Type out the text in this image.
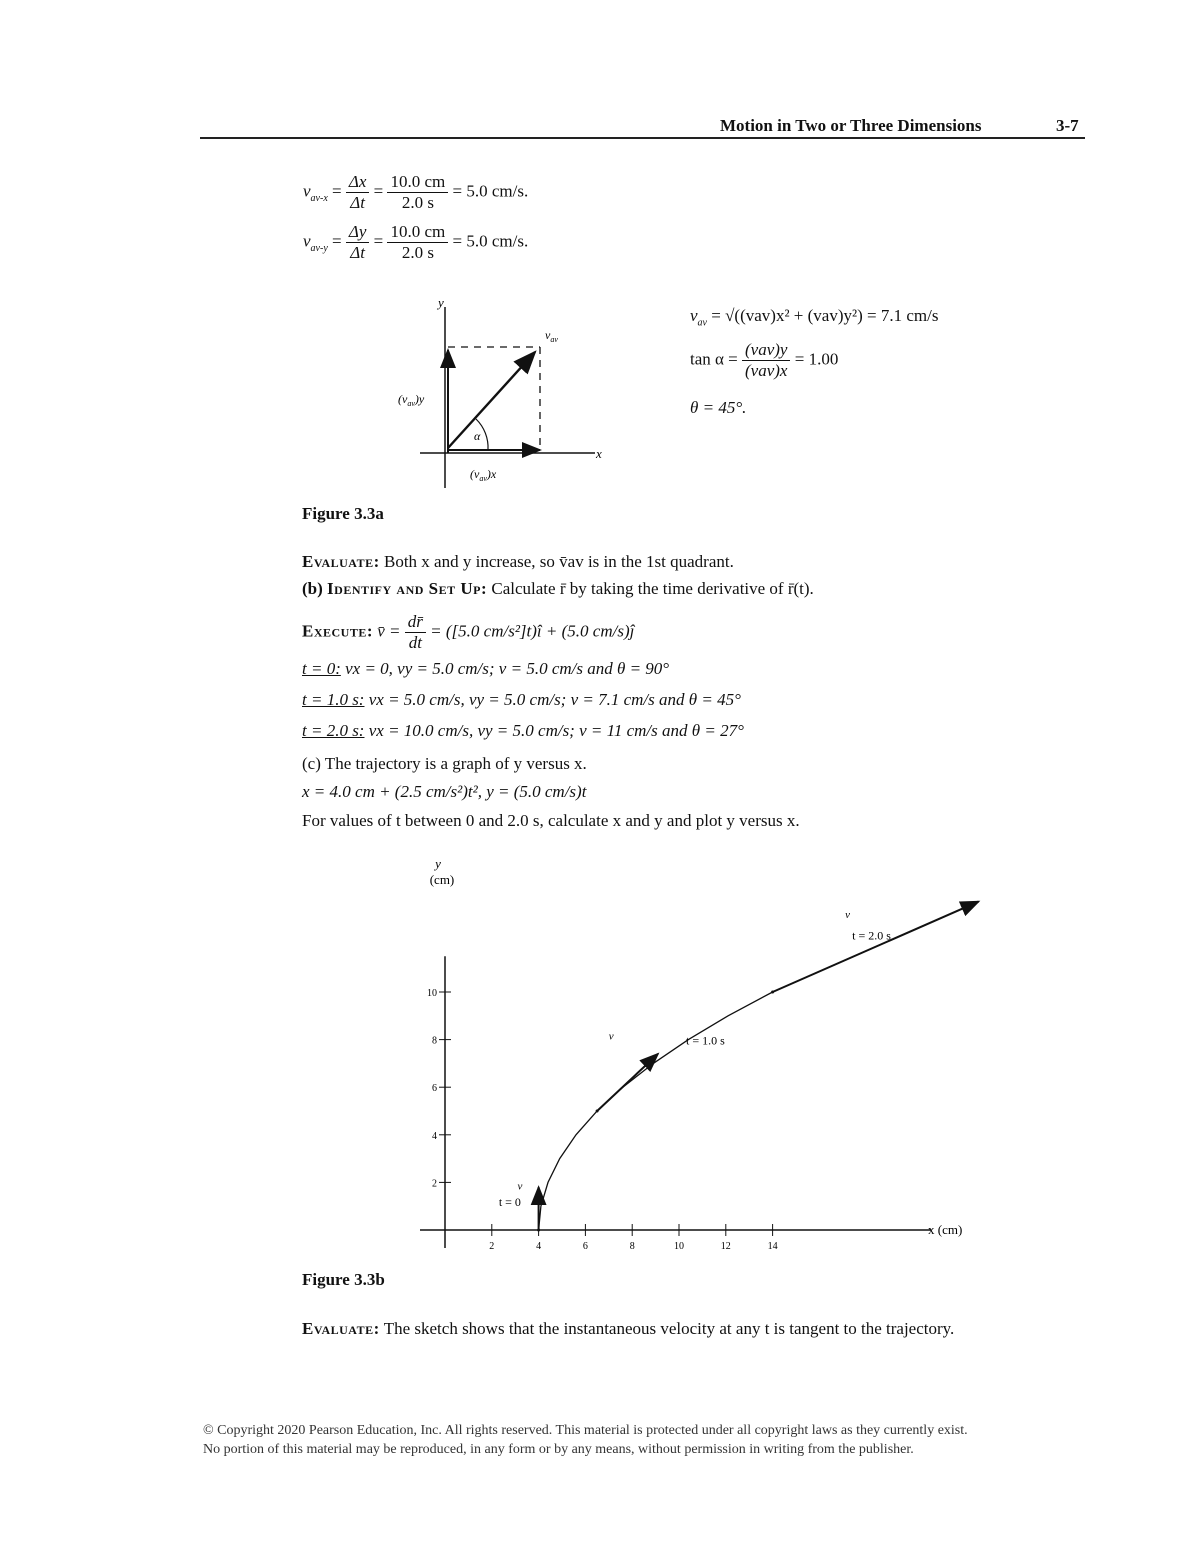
Motion in Two or Three Dimensions	3-7
$v_{av-x} = \frac{\Delta x}{\Delta t} = \frac{10.0 cm}{2.0 s} = 5.0$ cm/s.
$v_{av-y} = \frac{\Delta y}{\Delta t} = \frac{10.0 cm}{2.0 s} = 5.0$ cm/s.
y
x
$v_{av}$
$(v_{av})y$
$(v_{av})x$
α
$v_{av} = √((vav)x^2 + (vav)y^2) = 7.1$ cm/s
$\tan \alpha = \frac{\text{(vav)y}}{\text{(vav)x}} = 1.00$
θ = 45°.
Figure 3.3a
Evaluate: Both x and y increase, so v̄av is in the 1st quadrant.
(b) Identify and Set Up: Calculate r̄ by taking the time derivative of r̄(t).
Execute: v̄ = $\frac{dr̄}{dt} = ([5.0$ cm/s²]t)î + (5.0 cm/s)ĵ
t = 0: vx = 0, vy = 5.0 cm/s; v = 5.0 cm/s and θ = 90°
t = 1.0 s: vx = 5.0 cm/s, vy = 5.0 cm/s; v = 7.1 cm/s and θ = 45°
t = 2.0 s: vx = 10.0 cm/s, vy = 5.0 cm/s; v = 11 cm/s and θ = 27°
(c) The trajectory is a graph of y versus x.
x = 4.0 cm + (2.5 cm/s²)t², y = (5.0 cm/s)t
For values of t between 0 and 2.0 s, calculate x and y and plot y versus x.
2	4	6	8	10	12	14
2
4
6
8
10
v
t = 0
v	t = 1.0 s
v
t = 2.0 s
y
(cm)
x (cm)
Figure 3.3b
Evaluate: The sketch shows that the instantaneous velocity at any t is tangent to the trajectory.
© Copyright 2020 Pearson Education, Inc. All rights reserved. This material is protected under all copyright laws as they currently exist.
No portion of this material may be reproduced, in any form or by any means, without permission in writing from the publisher.
